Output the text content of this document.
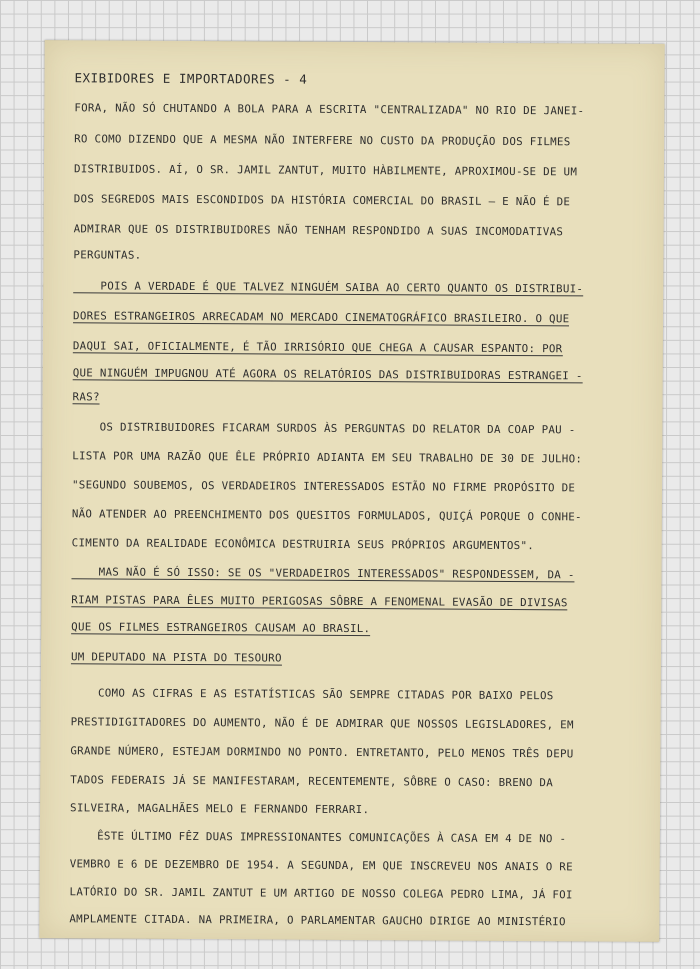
EXIBIDORES E IMPORTADORES - 4
FORA, NÃO SÓ CHUTANDO A BOLA PARA A ESCRITA "CENTRALIZADA" NO RIO DE JANEI-
RO COMO DIZENDO QUE A MESMA NÃO INTERFERE NO CUSTO DA PRODUÇÃO DOS FILMES
DISTRIBUIDOS. AÍ, O SR. JAMIL ZANTUT, MUITO HÀBILMENTE, APROXIMOU-SE DE UM
DOS SEGREDOS MAIS ESCONDIDOS DA HISTÓRIA COMERCIAL DO BRASIL — E NÃO É DE
ADMIRAR QUE OS DISTRIBUIDORES NÃO TENHAM RESPONDIDO A SUAS INCOMODATIVAS
PERGUNTAS.
POIS A VERDADE É QUE TALVEZ NINGUÉM SAIBA AO CERTO QUANTO OS DISTRIBUI-
DORES ESTRANGEIROS ARRECADAM NO MERCADO CINEMATOGRÁFICO BRASILEIRO. O QUE
DAQUI SAI, OFICIALMENTE, É TÃO IRRISÓRIO QUE CHEGA A CAUSAR ESPANTO: POR
QUE NINGUÉM IMPUGNOU ATÉ AGORA OS RELATÓRIOS DAS DISTRIBUIDORAS ESTRANGEI -
RAS?
OS DISTRIBUIDORES FICARAM SURDOS ÀS PERGUNTAS DO RELATOR DA COAP PAU -
LISTA POR UMA RAZÃO QUE ÊLE PRÓPRIO ADIANTA EM SEU TRABALHO DE 30 DE JULHO:
"SEGUNDO SOUBEMOS, OS VERDADEIROS INTERESSADOS ESTÃO NO FIRME PROPÓSITO DE
NÃO ATENDER AO PREENCHIMENTO DOS QUESITOS FORMULADOS, QUIÇÁ PORQUE O CONHE-
CIMENTO DA REALIDADE ECONÔMICA DESTRUIRIA SEUS PRÓPRIOS ARGUMENTOS".
MAS NÃO É SÓ ISSO: SE OS "VERDADEIROS INTERESSADOS" RESPONDESSEM, DA -
RIAM PISTAS PARA ÊLES MUITO PERIGOSAS SÔBRE A FENOMENAL EVASÃO DE DIVISAS
QUE OS FILMES ESTRANGEIROS CAUSAM AO BRASIL.
UM DEPUTADO NA PISTA DO TESOURO
COMO AS CIFRAS E AS ESTATÍSTICAS SÃO SEMPRE CITADAS POR BAIXO PELOS
PRESTIDIGITADORES DO AUMENTO, NÃO É DE ADMIRAR QUE NOSSOS LEGISLADORES, EM
GRANDE NÚMERO, ESTEJAM DORMINDO NO PONTO. ENTRETANTO, PELO MENOS TRÊS DEPU
TADOS FEDERAIS JÁ SE MANIFESTARAM, RECENTEMENTE, SÔBRE O CASO: BRENO DA
SILVEIRA, MAGALHÃES MELO E FERNANDO FERRARI.
ÊSTE ÚLTIMO FÊZ DUAS IMPRESSIONANTES COMUNICAÇÕES À CASA EM 4 DE NO -
VEMBRO E 6 DE DEZEMBRO DE 1954. A SEGUNDA, EM QUE INSCREVEU NOS ANAIS O RE
LATÓRIO DO SR. JAMIL ZANTUT E UM ARTIGO DE NOSSO COLEGA PEDRO LIMA, JÁ FOI
AMPLAMENTE CITADA. NA PRIMEIRA, O PARLAMENTAR GAUCHO DIRIGE AO MINISTÉRIO
